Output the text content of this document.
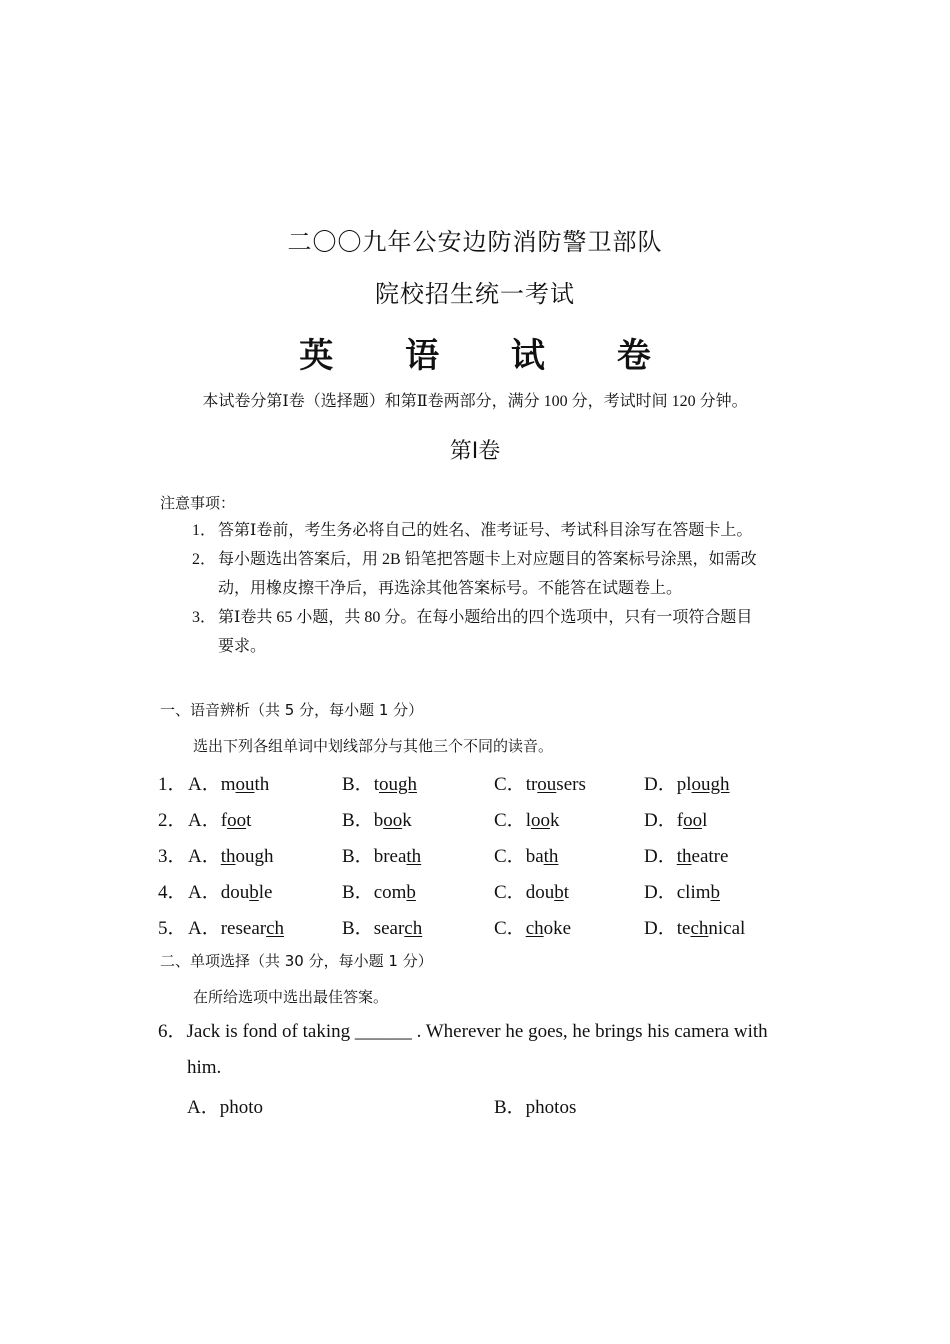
二〇〇九年公安边防消防警卫部队
院校招生统一考试
英 语 试 卷
本试卷分第Ⅰ卷（选择题）和第Ⅱ卷两部分，满分 100 分，考试时间 120 分钟。
第Ⅰ卷
注意事项：
1． 答第Ⅰ卷前，考生务必将自己的姓名、准考证号、考试科目涂写在答题卡上。
2． 每小题选出答案后，用 2B 铅笔把答题卡上对应题目的答案标号涂黑，如需改
动，用橡皮擦干净后，再选涂其他答案标号。不能答在试题卷上。
3． 第Ⅰ卷共 65 小题，共 80 分。在每小题给出的四个选项中，只有一项符合题目
要求。
一、语音辨析（共 5 分，每小题 1 分）
选出下列各组单词中划线部分与其他三个不同的读音。
1． A．mouth	B．tough	C．trousers	D．plough
2． A．foot	B．book	C．look	D．fool
3． A．though	B．breath	C．bath	D．theatre
4． A．double	B．comb	C．doubt	D．climb
5． A．research	B．search	C．choke	D．technical
二、单项选择（共 30 分，每小题 1 分）
在所给选项中选出最佳答案。
6．Jack is fond of taking ______ . Wherever he goes, he brings his camera with
him.
A．photo	B．photos
